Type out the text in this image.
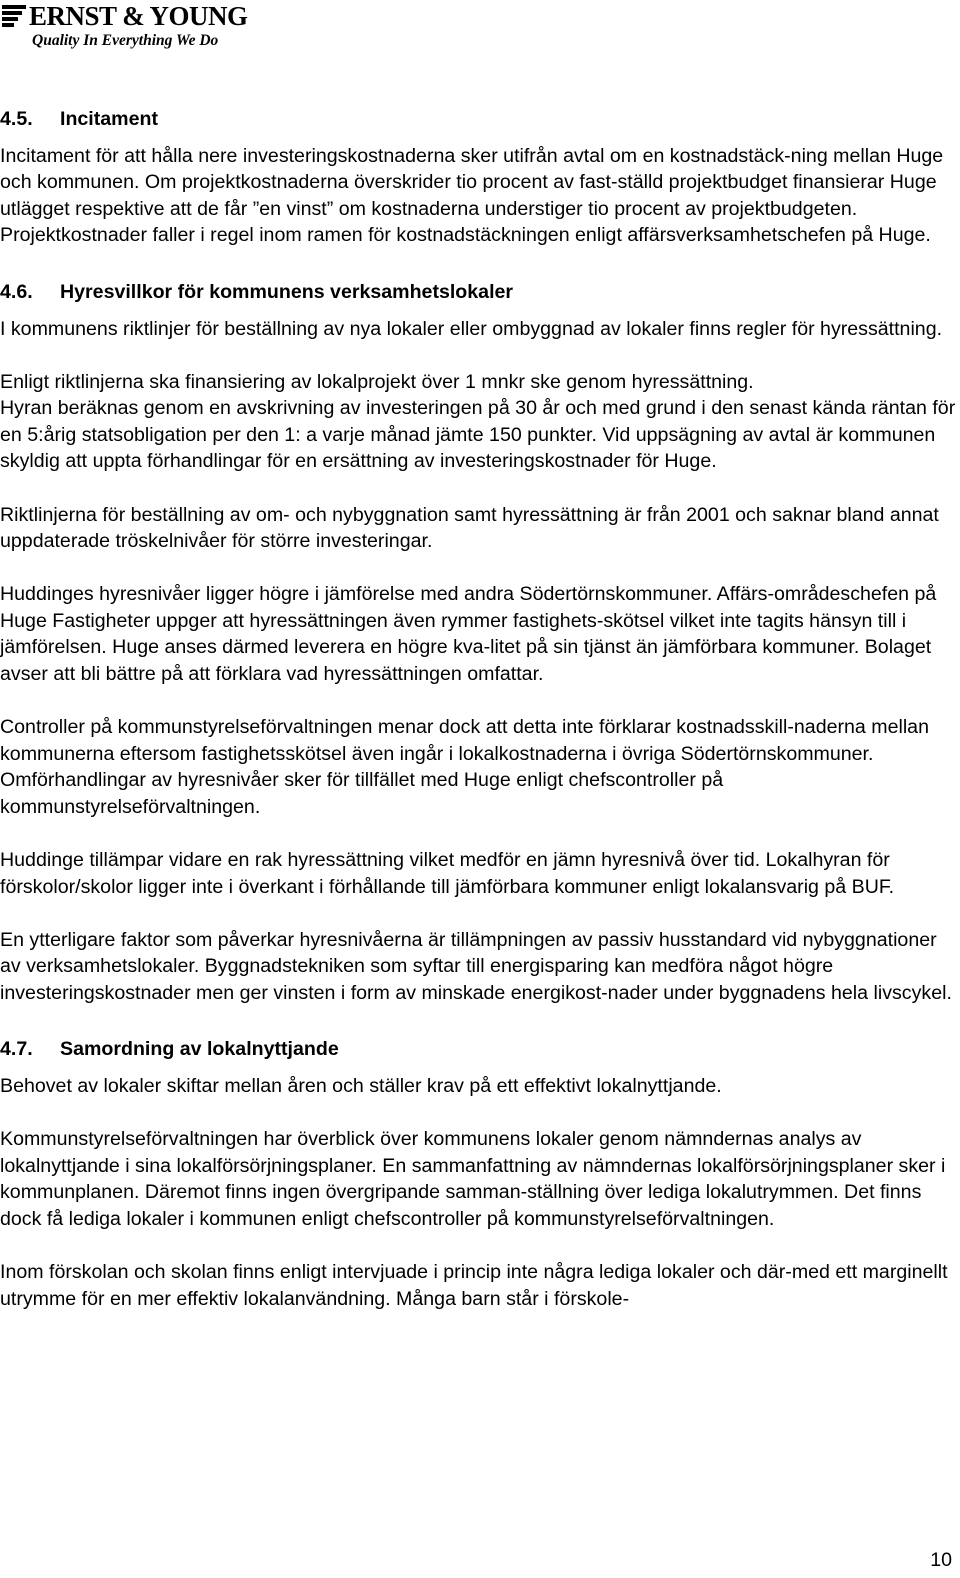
ERNST & YOUNG
Quality In Everything We Do
4.5.	Incitament

Incitament för att hålla nere investeringskostnaderna sker utifrån avtal om en kostnadstäck-ning mellan Huge och kommunen. Om projektkostnaderna överskrider tio procent av fast-ställd projektbudget finansierar Huge utlägget respektive att de får ”en vinst” om kostnaderna understiger tio procent av projektbudgeten. Projektkostnader faller i regel inom ramen för kostnadstäckningen enligt affärsverksamhetschefen på Huge.

4.6.	Hyresvillkor för kommunens verksamhetslokaler

I kommunens riktlinjer för beställning av nya lokaler eller ombyggnad av lokaler finns regler för hyressättning.

Enligt riktlinjerna ska finansiering av lokalprojekt över 1 mnkr ske genom hyressättning.

Hyran beräknas genom en avskrivning av investeringen på 30 år och med grund i den senast kända räntan för en 5:årig statsobligation per den 1: a varje månad jämte 150 punkter. Vid uppsägning av avtal är kommunen skyldig att uppta förhandlingar för en ersättning av investeringskostnader för Huge.

Riktlinjerna för beställning av om- och nybyggnation samt hyressättning är från 2001 och saknar bland annat uppdaterade tröskelnivåer för större investeringar.

Huddinges hyresnivåer ligger högre i jämförelse med andra Södertörnskommuner. Affärs-områdeschefen på Huge Fastigheter uppger att hyressättningen även rymmer fastighets-skötsel vilket inte tagits hänsyn till i jämförelsen. Huge anses därmed leverera en högre kva-litet på sin tjänst än jämförbara kommuner. Bolaget avser att bli bättre på att förklara vad hyressättningen omfattar.

Controller på kommunstyrelseförvaltningen menar dock att detta inte förklarar kostnadsskill-naderna mellan kommunerna eftersom fastighetsskötsel även ingår i lokalkostnaderna i övriga Södertörnskommuner. Omförhandlingar av hyresnivåer sker för tillfället med Huge enligt chefscontroller på kommunstyrelseförvaltningen.

Huddinge tillämpar vidare en rak hyressättning vilket medför en jämn hyresnivå över tid. Lokalhyran för förskolor/skolor ligger inte i överkant i förhållande till jämförbara kommuner enligt lokalansvarig på BUF.

En ytterligare faktor som påverkar hyresnivåerna är tillämpningen av passiv husstandard vid nybyggnationer av verksamhetslokaler. Byggnadstekniken som syftar till energisparing kan medföra något högre investeringskostnader men ger vinsten i form av minskade energikost-nader under byggnadens hela livscykel.

4.7.	Samordning av lokalnyttjande

Behovet av lokaler skiftar mellan åren och ställer krav på ett effektivt lokalnyttjande.

Kommunstyrelseförvaltningen har överblick över kommunens lokaler genom nämndernas analys av lokalnyttjande i sina lokalförsörjningsplaner. En sammanfattning av nämndernas lokalförsörjningsplaner sker i kommunplanen. Däremot finns ingen övergripande samman-ställning över lediga lokalutrymmen. Det finns dock få lediga lokaler i kommunen enligt chefscontroller på kommunstyrelseförvaltningen.

Inom förskolan och skolan finns enligt intervjuade i princip inte några lediga lokaler och där-med ett marginellt utrymme för en mer effektiv lokalanvändning. Många barn står i förskole-

10
